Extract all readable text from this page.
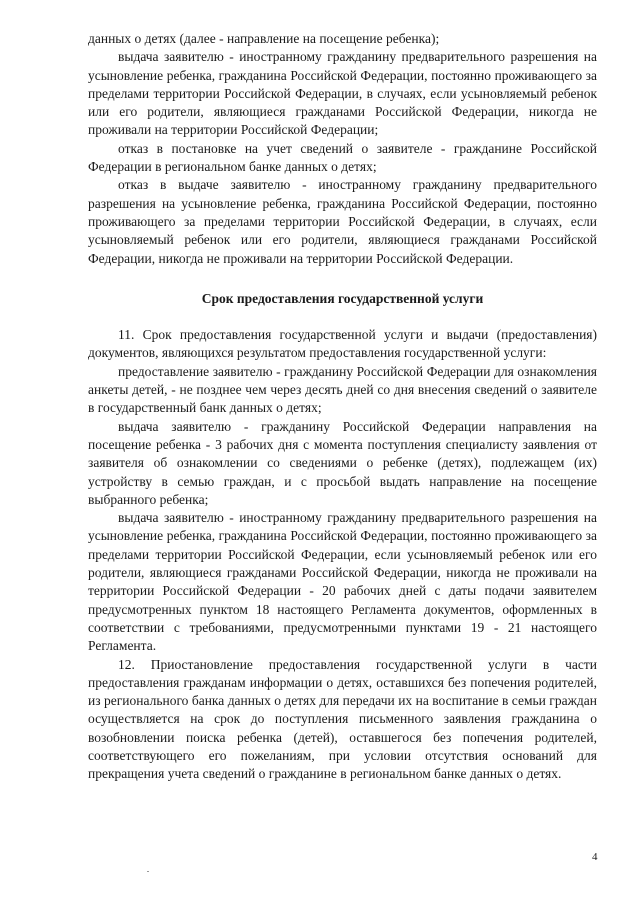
данных о детях (далее - направление на посещение ребенка);

выдача заявителю - иностранному гражданину предварительного разрешения на усыновление ребенка, гражданина Российской Федерации, постоянно проживающего за пределами территории Российской Федерации, в случаях, если усыновляемый ребенок или его родители, являющиеся гражданами Российской Федерации, никогда не проживали на территории Российской Федерации;

отказ в постановке на учет сведений о заявителе - гражданине Российской Федерации в региональном банке данных о детях;

отказ в выдаче заявителю - иностранному гражданину предварительного разрешения на усыновление ребенка, гражданина Российской Федерации, постоянно проживающего за пределами территории Российской Федерации, в случаях, если усыновляемый ребенок или его родители, являющиеся гражданами Российской Федерации, никогда не проживали на территории Российской Федерации.

Срок предоставления государственной услуги

11. Срок предоставления государственной услуги и выдачи (предоставления) документов, являющихся результатом предоставления государственной услуги:

предоставление заявителю - гражданину Российской Федерации для ознакомления анкеты детей, - не позднее чем через десять дней со дня внесения сведений о заявителе в государственный банк данных о детях;

выдача заявителю - гражданину Российской Федерации направления на посещение ребенка - 3 рабочих дня с момента поступления специалисту заявления от заявителя об ознакомлении со сведениями о ребенке (детях), подлежащем (их) устройству в семью граждан, и с просьбой выдать направление на посещение выбранного ребенка;

выдача заявителю - иностранному гражданину предварительного разрешения на усыновление ребенка, гражданина Российской Федерации, постоянно проживающего за пределами территории Российской Федерации, если усыновляемый ребенок или его родители, являющиеся гражданами Российской Федерации, никогда не проживали на территории Российской Федерации - 20 рабочих дней с даты подачи заявителем предусмотренных пунктом 18 настоящего Регламента документов, оформленных в соответствии с требованиями, предусмотренными пунктами 19 - 21 настоящего Регламента.

12. Приостановление предоставления государственной услуги в части предоставления гражданам информации о детях, оставшихся без попечения родителей, из регионального банка данных о детях для передачи их на воспитание в семьи граждан осуществляется на срок до поступления письменного заявления гражданина о возобновлении поиска ребенка (детей), оставшегося без попечения родителей, соответствующего его пожеланиям, при условии отсутствия оснований для прекращения учета сведений о гражданине в региональном банке данных о детях.

4
